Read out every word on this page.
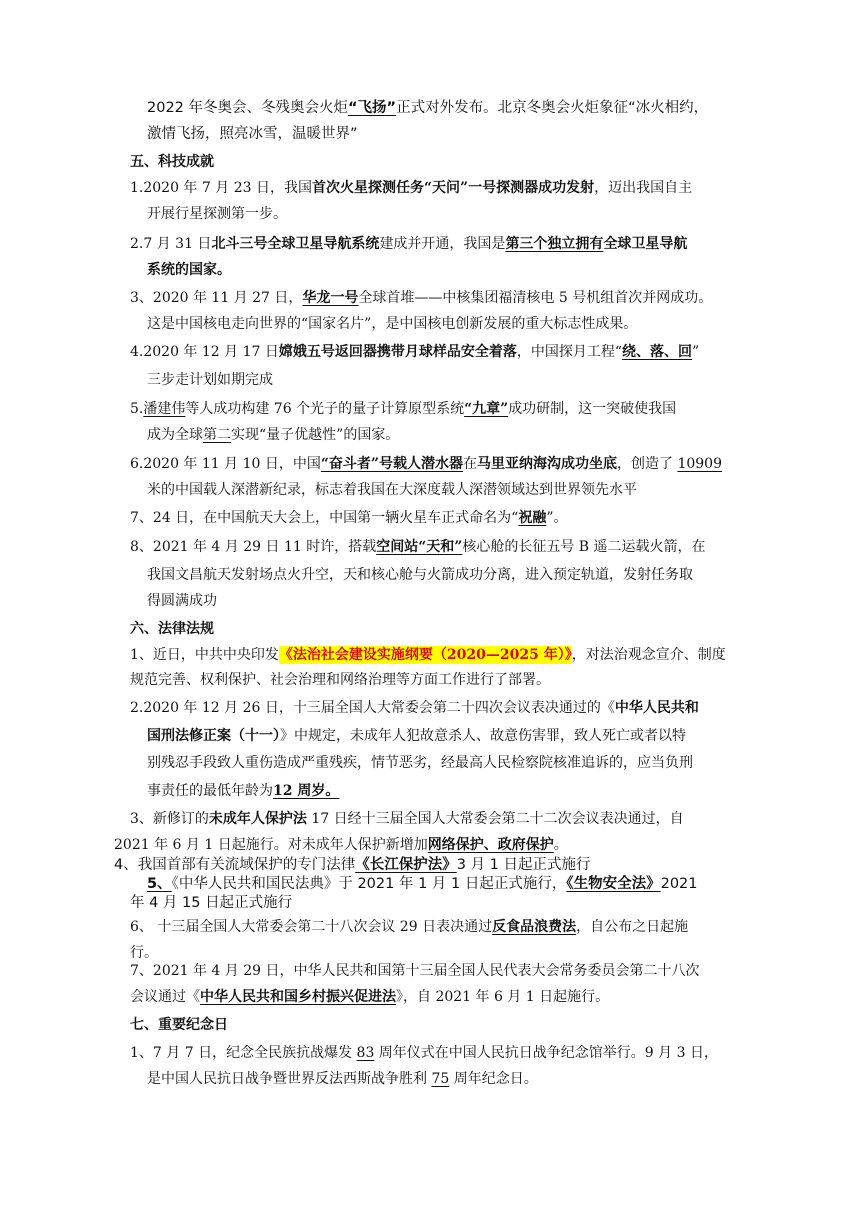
2022 年冬奥会、冬残奥会火炬“飞扬”正式对外发布。北京冬奥会火炬象征“冰火相约，
激情飞扬，照亮冰雪，温暖世界”
五、科技成就
1.2020 年 7 月 23 日，我国首次火星探测任务“天问”一号探测器成功发射，迈出我国自主
开展行星探测第一步。
2.7 月 31 日北斗三号全球卫星导航系统建成并开通，我国是第三个独立拥有全球卫星导航
系统的国家。
3、2020 年 11 月 27 日，华龙一号全球首堆——中核集团福清核电 5 号机组首次并网成功。
这是中国核电走向世界的“国家名片”，是中国核电创新发展的重大标志性成果。
4.2020 年 12 月 17 日嫦娥五号返回器携带月球样品安全着落，中国探月工程“绕、落、回”
三步走计划如期完成
5.潘建伟等人成功构建 76 个光子的量子计算原型系统“九章”成功研制，这一突破使我国
成为全球第二实现“量子优越性”的国家。
6.2020 年 11 月 10 日，中国“奋斗者”号载人潜水器在马里亚纳海沟成功坐底，创造了 10909
米的中国载人深潜新纪录，标志着我国在大深度载人深潜领域达到世界领先水平
7、24 日，在中国航天大会上，中国第一辆火星车正式命名为“祝融”。
8、2021 年 4 月 29 日 11 时许，搭载空间站“天和”核心舱的长征五号 B 遥二运载火箭，在
我国文昌航天发射场点火升空，天和核心舱与火箭成功分离，进入预定轨道，发射任务取
得圆满成功
六、法律法规
1、近日，中共中央印发《法治社会建设实施纲要（2020—2025 年）》，对法治观念宣介、制度
规范完善、权利保护、社会治理和网络治理等方面工作进行了部署。
2.2020 年 12 月 26 日，十三届全国人大常委会第二十四次会议表决通过的《中华人民共和
国刑法修正案（十一）》中规定，未成年人犯故意杀人、故意伤害罪，致人死亡或者以特
别残忍手段致人重伤造成严重残疾，情节恶劣，经最高人民检察院核准追诉的，应当负刑
事责任的最低年龄为12 周岁。
3、新修订的未成年人保护法 17 日经十三届全国人大常委会第二十二次会议表决通过，自
2021 年 6 月 1 日起施行。对未成年人保护新增加网络保护、政府保护。
4、我国首部有关流域保护的专门法律《长江保护法》3 月 1 日起正式施行
5、《中华人民共和国民法典》于 2021 年 1 月 1 日起正式施行，《生物安全法》2021
年 4 月 15 日起正式施行
6、 十三届全国人大常委会第二十八次会议 29 日表决通过反食品浪费法，自公布之日起施
行。
7、2021 年 4 月 29 日，中华人民共和国第十三届全国人民代表大会常务委员会第二十八次
会议通过《中华人民共和国乡村振兴促进法》，自 2021 年 6 月 1 日起施行。
七、重要纪念日
1、7 月 7 日，纪念全民族抗战爆发 83 周年仪式在中国人民抗日战争纪念馆举行。9 月 3 日，
是中国人民抗日战争暨世界反法西斯战争胜利 75 周年纪念日。
